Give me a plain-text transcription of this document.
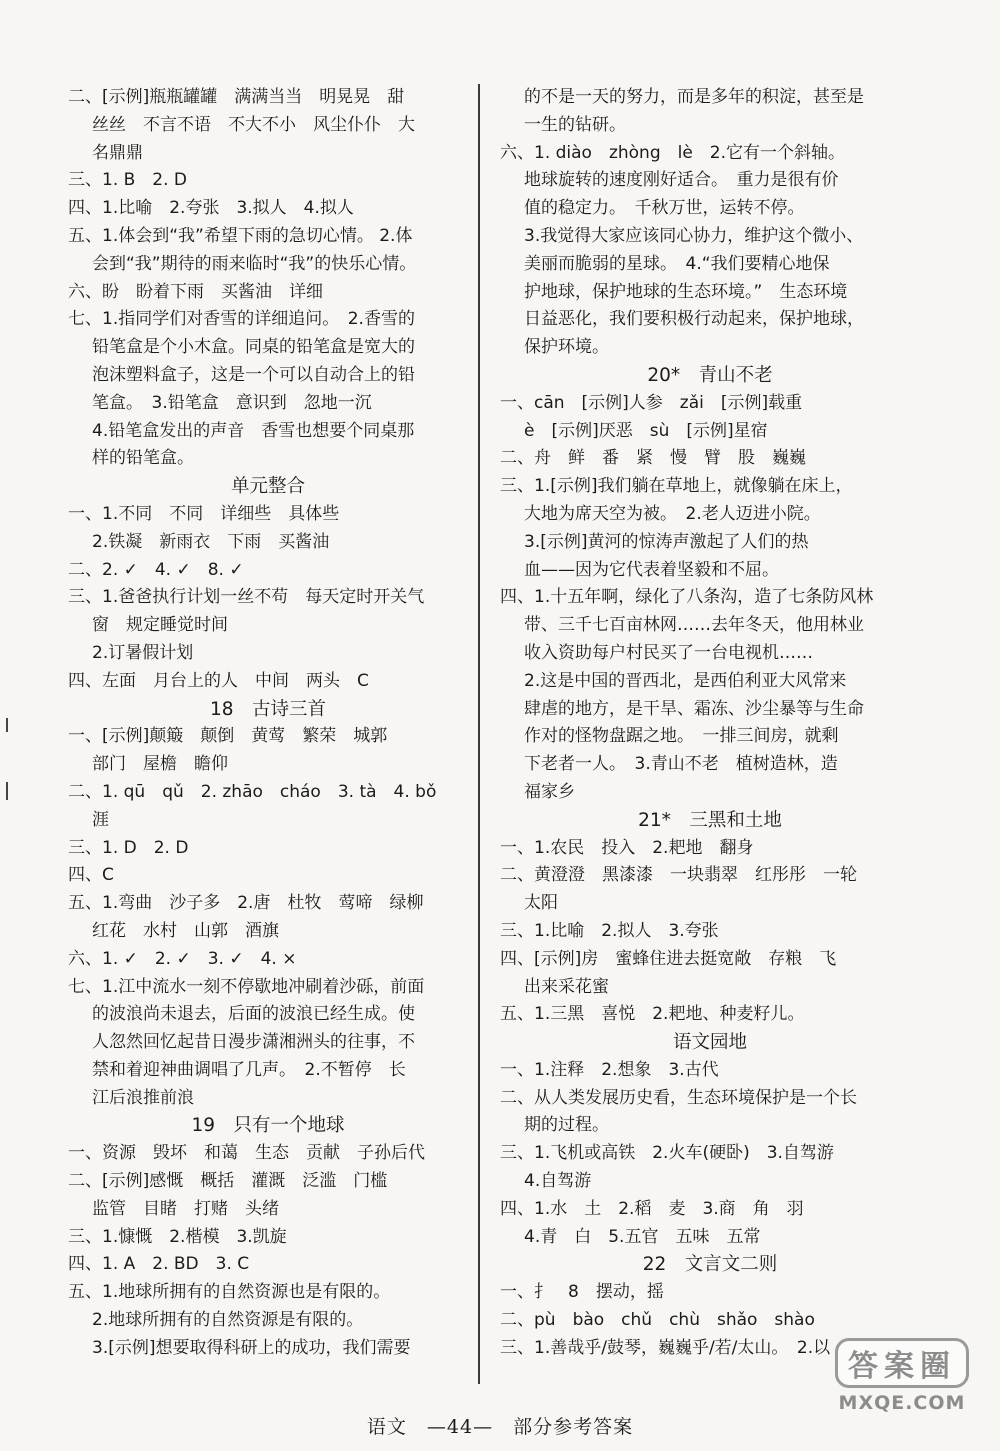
二、[示例]瓶瓶罐罐　满满当当　明晃晃　甜
丝丝　不言不语　不大不小　风尘仆仆　大
名鼎鼎
三、1. B　2. D
四、1.比喻　2.夸张　3.拟人　4.拟人
五、1.体会到“我”希望下雨的急切心情。 2.体
会到“我”期待的雨来临时“我”的快乐心情。
六、盼　盼着下雨　买酱油　详细
七、1.指同学们对香雪的详细追问。　2.香雪的
铅笔盒是个小木盒。同桌的铅笔盒是宽大的
泡沫塑料盒子，这是一个可以自动合上的铅
笔盒。　3.铅笔盒　意识到　忽地一沉
4.铅笔盒发出的声音　香雪也想要个同桌那
样的铅笔盒。
单元整合
一、1.不同　不同　详细些　具体些
2.铁凝　新雨衣　下雨　买酱油
二、2. ✓　4. ✓　8. ✓
三、1.爸爸执行计划一丝不苟　每天定时开关气
窗　规定睡觉时间
2.订暑假计划
四、左面　月台上的人　中间　两头　C
18　古诗三首
一、[示例]颠簸　颠倒　黄莺　繁荣　城郭
部门　屋檐　瞻仰
二、1. qū　qǔ　2. zhāo　cháo　3. tà　4. bǒ
涯
三、1. D　2. D
四、C
五、1.弯曲　沙子多　2.唐　杜牧　莺啼　绿柳
红花　水村　山郭　酒旗
六、1. ✓　2. ✓　3. ✓　4. ×
七、1.江中流水一刻不停歇地冲刷着沙砾，前面
的波浪尚未退去，后面的波浪已经生成。使
人忽然回忆起昔日漫步潇湘洲头的往事，不
禁和着迎神曲调唱了几声。　2.不暂停　长
江后浪推前浪
19　只有一个地球
一、资源　毁坏　和蔼　生态　贡献　子孙后代
二、[示例]感慨　概括　灌溉　泛滥　门槛
监管　目睹　打赌　头绪
三、1.慷慨　2.楷模　3.凯旋
四、1. A　2. BD　3. C
五、1.地球所拥有的自然资源也是有限的。
2.地球所拥有的自然资源是有限的。
3.[示例]想要取得科研上的成功，我们需要
的不是一天的努力，而是多年的积淀，甚至是
一生的钻研。
六、1. diào　zhòng　lè　2.它有一个斜轴。
地球旋转的速度刚好适合。　重力是很有价
值的稳定力。　千秋万世，运转不停。
3.我觉得大家应该同心协力，维护这个微小、
美丽而脆弱的星球。　4.“我们要精心地保
护地球，保护地球的生态环境。”　生态环境
日益恶化，我们要积极行动起来，保护地球，
保护环境。
20*　青山不老
一、cān　[示例]人参　zǎi　[示例]载重
è　[示例]厌恶　sù　[示例]星宿
二、舟　鲜　番　紧　慢　臂　股　巍巍
三、1.[示例]我们躺在草地上，就像躺在床上，
大地为席天空为被。　2.老人迈进小院。
3.[示例]黄河的惊涛声激起了人们的热
血——因为它代表着坚毅和不屈。
四、1.十五年啊，绿化了八条沟，造了七条防风林
带、三千七百亩林网……去年冬天，他用林业
收入资助每户村民买了一台电视机……
2.这是中国的晋西北，是西伯利亚大风常来
肆虐的地方，是干旱、霜冻、沙尘暴等与生命
作对的怪物盘踞之地。　一排三间房，就剩
下老者一人。　3.青山不老　植树造林，造
福家乡
21*　三黑和土地
一、1.农民　投入　2.耙地　翻身
二、黄澄澄　黑漆漆　一块翡翠　红彤彤　一轮
太阳
三、1.比喻　2.拟人　3.夸张
四、[示例]房　蜜蜂住进去挺宽敞　存粮　飞
出来采花蜜
五、1.三黑　喜悦　2.耙地、种麦籽儿。
语文园地
一、1.注释　2.想象　3.古代
二、从人类发展历史看，生态环境保护是一个长
期的过程。
三、1.飞机或高铁　2.火车(硬卧)　3.自驾游
4.自驾游
四、1.水　土　2.稻　麦　3.商　角　羽
4.青　白　5.五官　五味　五常
22　文言文二则
一、扌　8　摆动，摇
二、pù　bào　chǔ　chù　shǎo　shào
三、1.善哉乎/鼓琴，巍巍乎/若/太山。　2.以
语文　—44—　部分参考答案
答案圈
MXQE.COM
